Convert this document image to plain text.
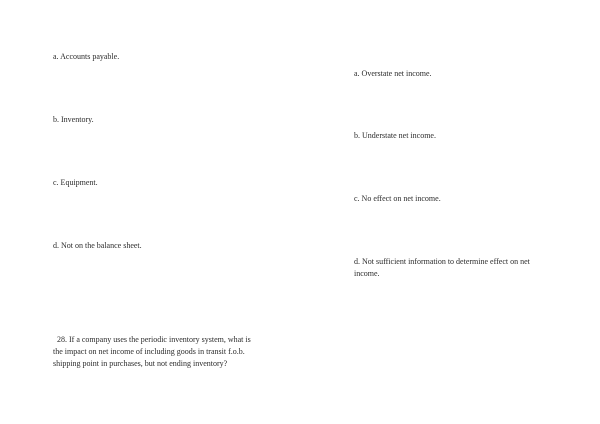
a. Accounts payable.
b. Inventory.
c. Equipment.
d. Not on the balance sheet.
28. If a company uses the periodic inventory system, what is
the impact on net income of including goods in transit f.o.b.
shipping point in purchases, but not ending inventory?
a. Overstate net income.
b. Understate net income.
c. No effect on net income.
d. Not sufficient information to determine effect on net
income.
